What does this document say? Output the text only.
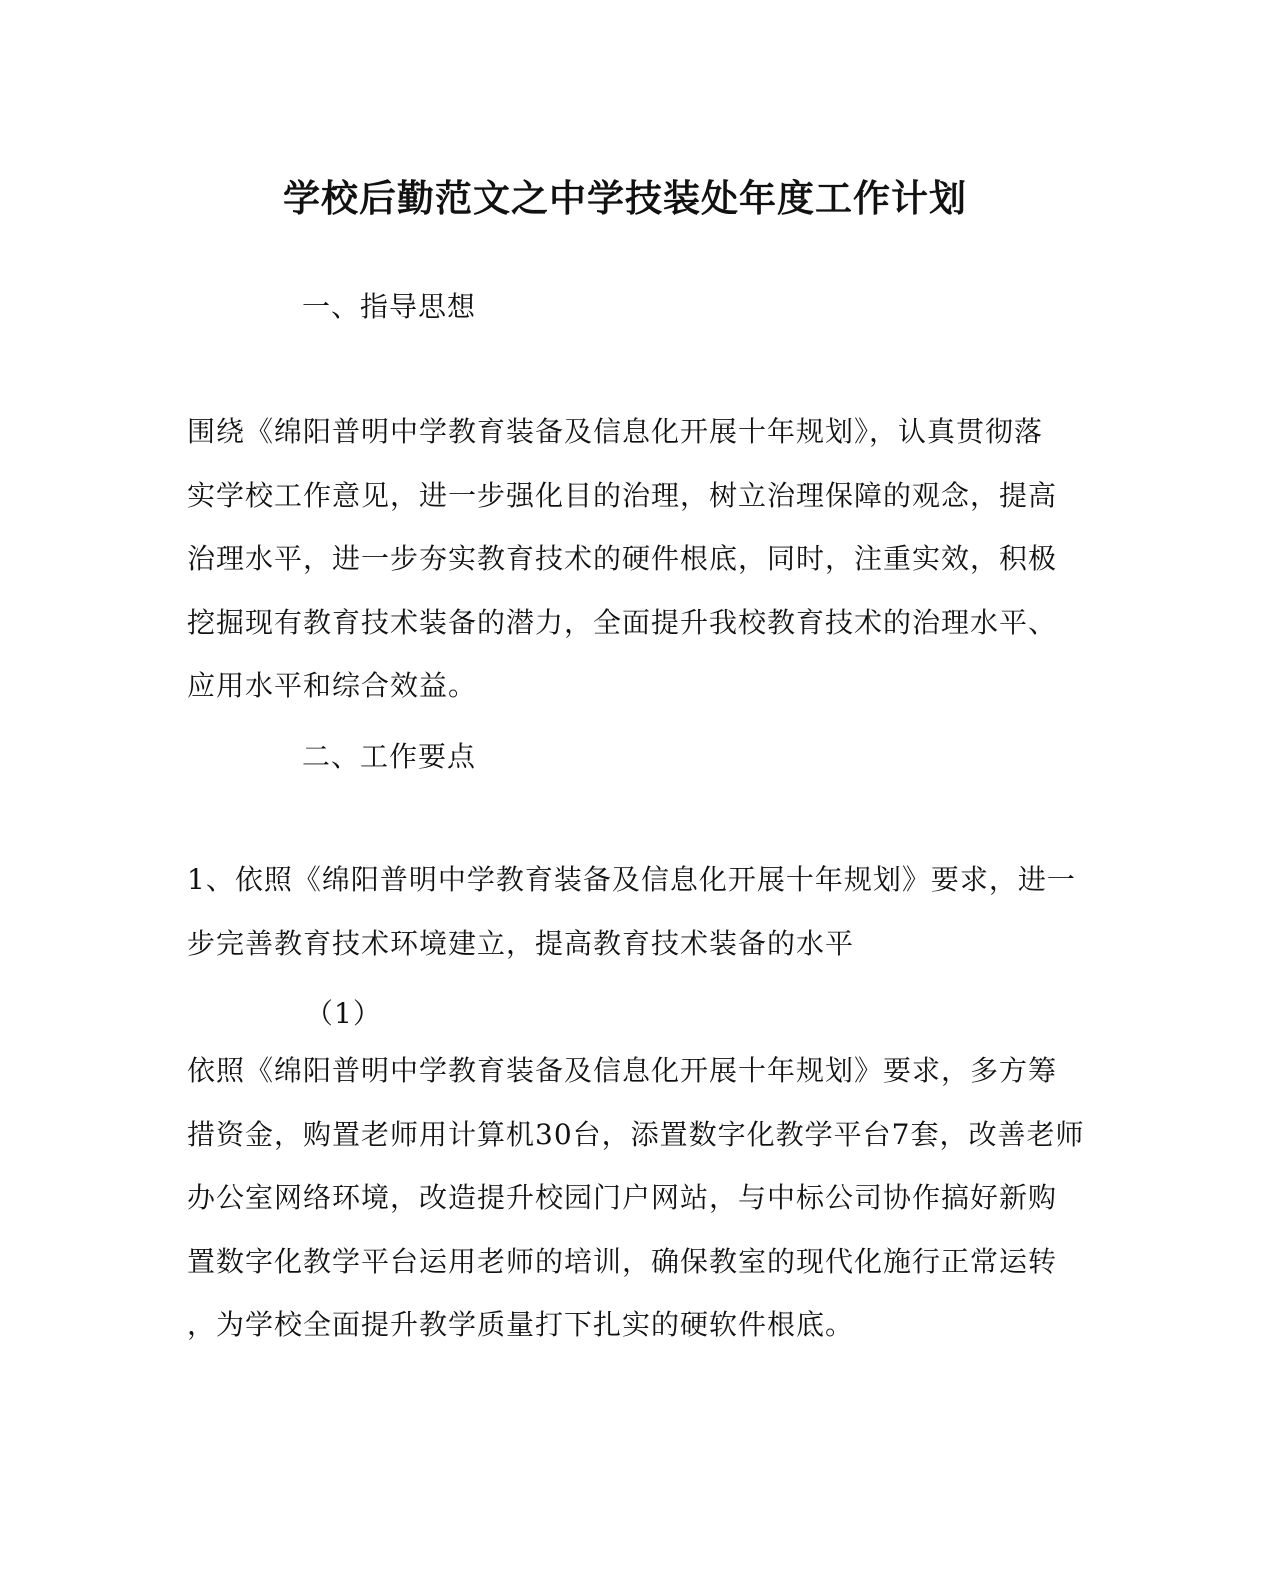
学校后勤范文之中学技装处年度工作计划
一、指导思想
围绕《绵阳普明中学教育装备及信息化开展十年规划》，认真贯彻落
实学校工作意见，进一步强化目的治理，树立治理保障的观念，提高
治理水平，进一步夯实教育技术的硬件根底，同时，注重实效，积极
挖掘现有教育技术装备的潜力，全面提升我校教育技术的治理水平、
应用水平和综合效益。
二、工作要点
1、依照《绵阳普明中学教育装备及信息化开展十年规划》要求，进一
步完善教育技术环境建立，提高教育技术装备的水平
（1）
依照《绵阳普明中学教育装备及信息化开展十年规划》要求，多方筹
措资金，购置老师用计算机30台，添置数字化教学平台7套，改善老师
办公室网络环境，改造提升校园门户网站，与中标公司协作搞好新购
置数字化教学平台运用老师的培训，确保教室的现代化施行正常运转
，为学校全面提升教学质量打下扎实的硬软件根底。
